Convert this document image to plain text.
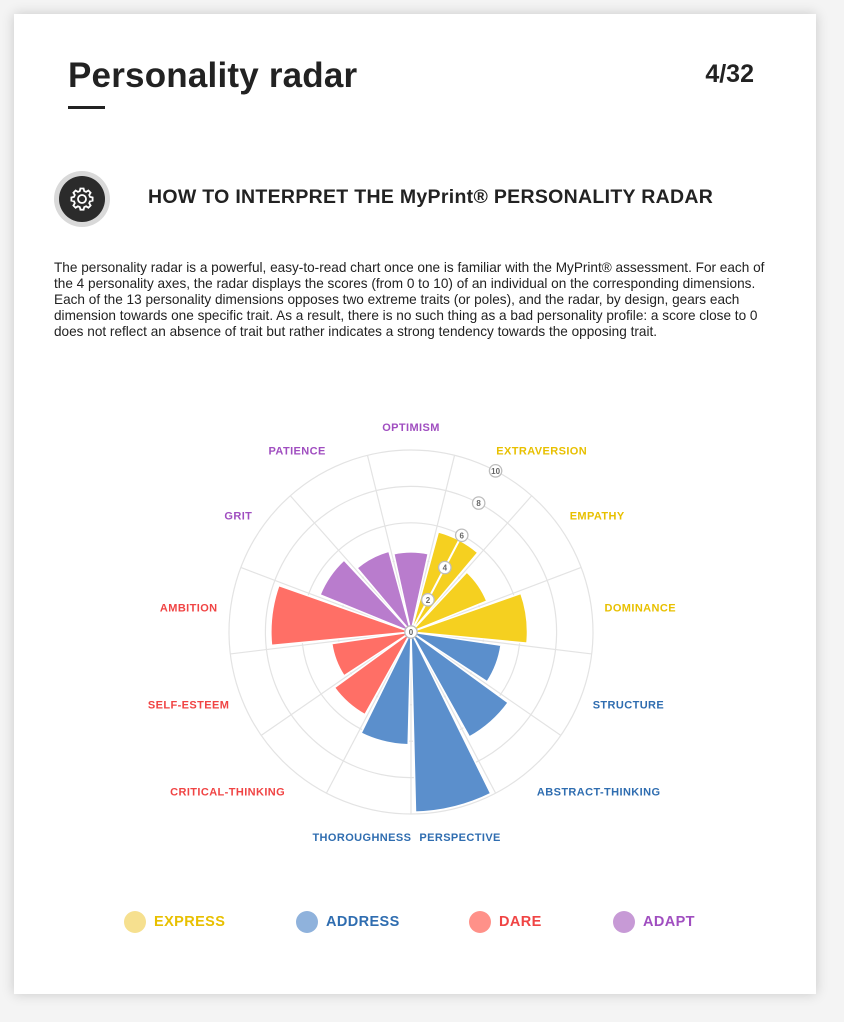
Personality radar	4/32
HOW TO INTERPRET THE MyPrint® PERSONALITY RADAR
The personality radar is a powerful, easy-to-read chart once one is familiar with the MyPrint® assessment. For each of the 4 personality axes, the radar displays the scores (from 0 to 10) of an individual on the corresponding dimensions. Each of the 13 personality dimensions opposes two extreme traits (or poles), and the radar, by design, gears each dimension towards one specific trait. As a result, there is no such thing as a bad personality profile: a score close to 0 does not reflect an absence of trait but rather indicates a strong tendency towards the opposing trait.
0
2
4
6
8
10
OPTIMISM
EXTRAVERSION
EMPATHY
DOMINANCE
STRUCTURE
ABSTRACT-THINKING
PERSPECTIVE
THOROUGHNESS
CRITICAL-THINKING
SELF-ESTEEM
AMBITION
GRIT
PATIENCE
EXPRESS	ADDRESS	DARE	ADAPT
